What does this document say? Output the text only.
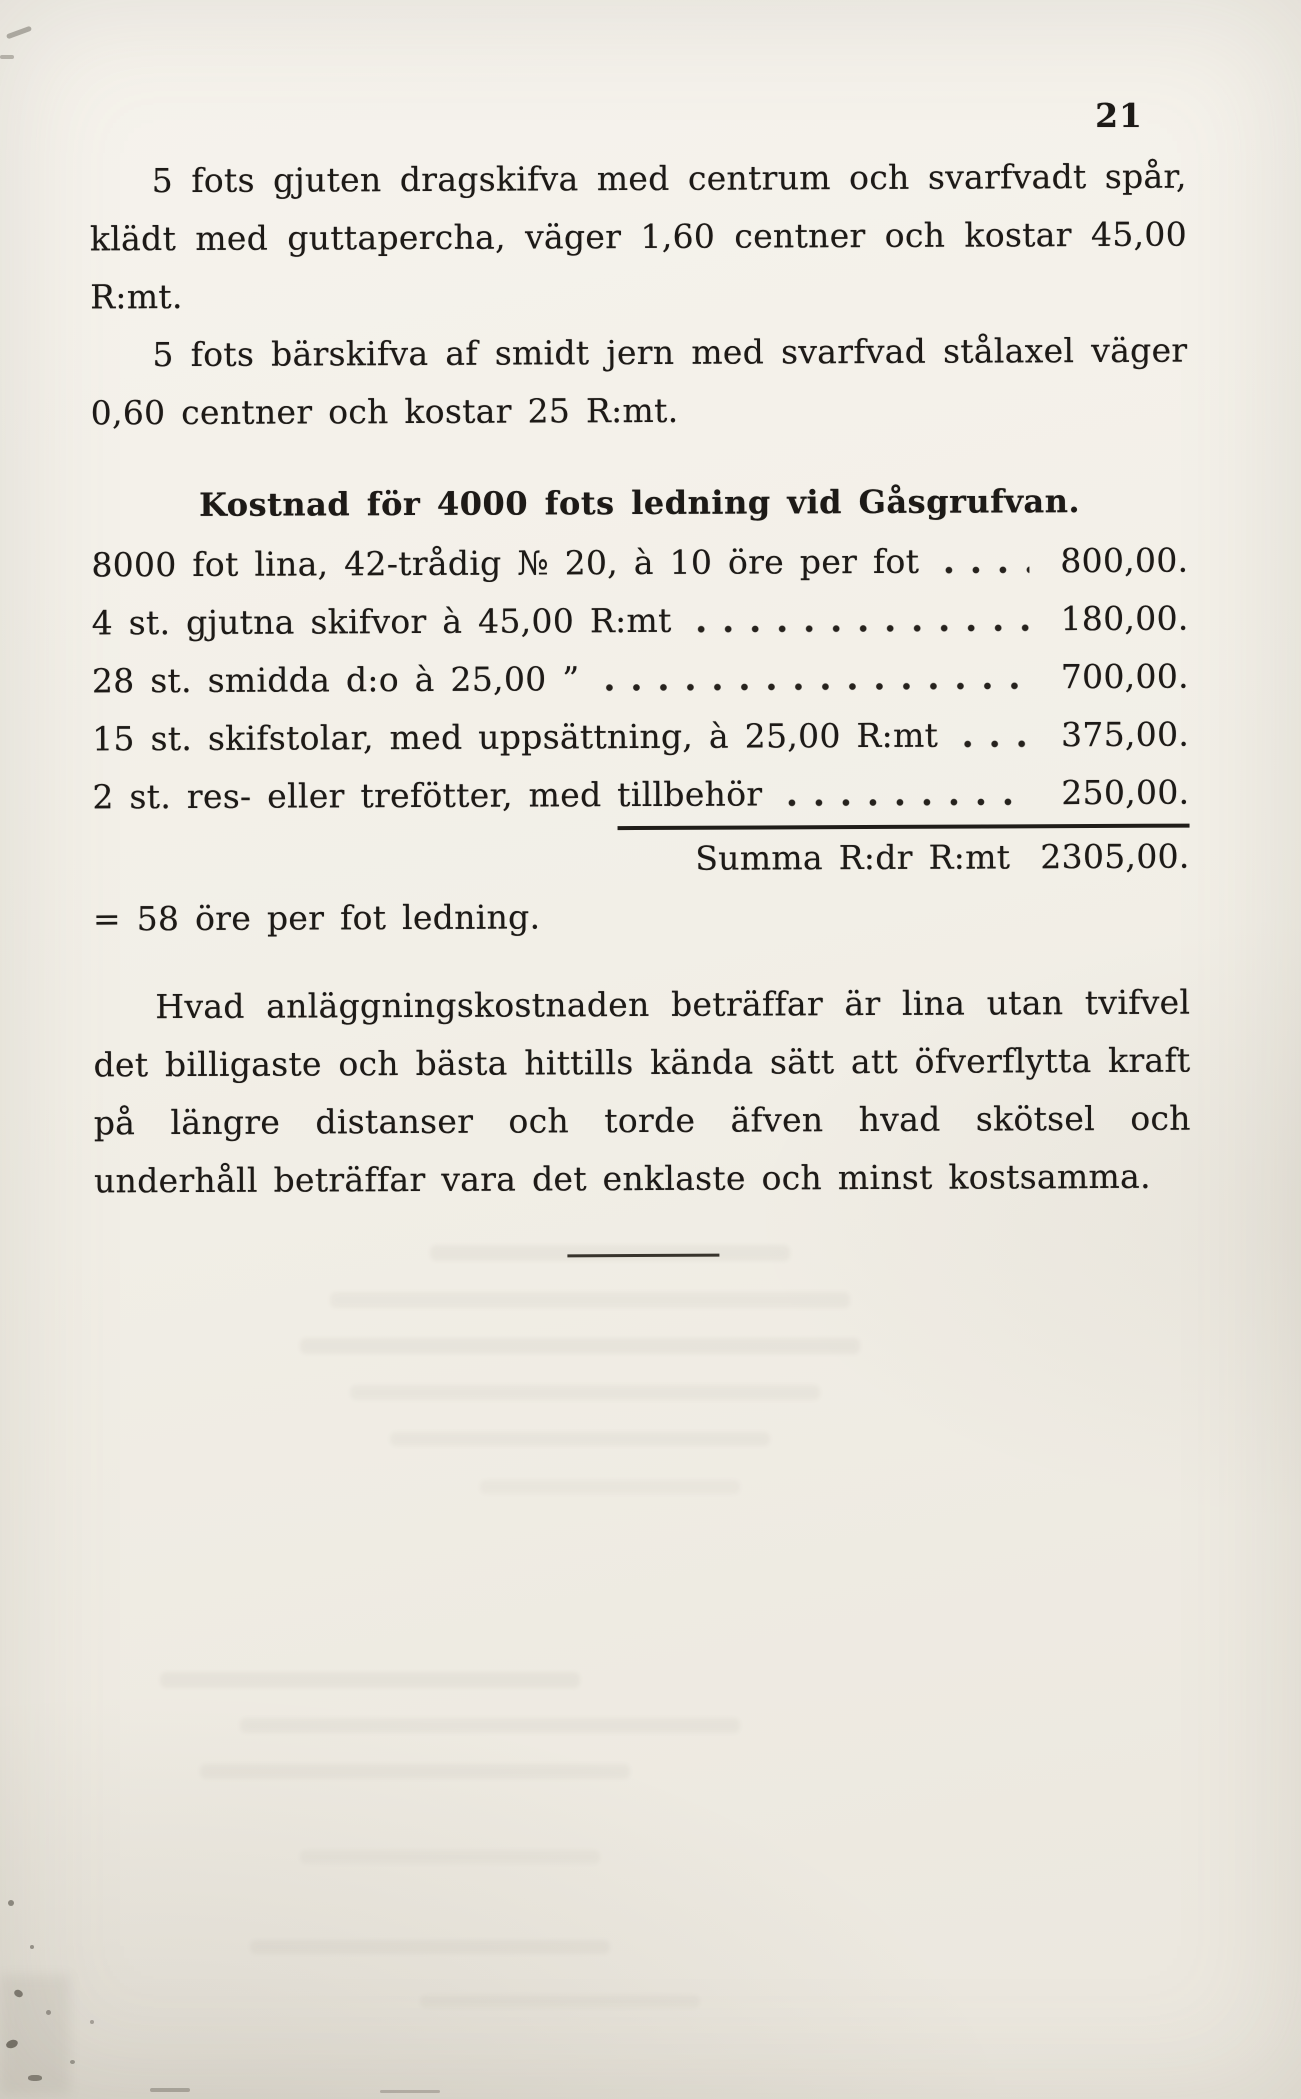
21

5 fots gjuten dragskifva med centrum och svarfvadt spår, klädt med guttapercha, väger 1,60 centner och kostar 45,00 R:mt.

5 fots bärskifva af smidt jern med svarfvad stålaxel väger 0,60 centner och kostar 25 R:mt.

Kostnad för 4000 fots ledning vid Gåsgrufvan.
8000 fot lina, 42-trådig № 20, à 10 öre per fot	800,00.
4 st. gjutna skifvor à 45,00 R:mt	180,00.
28 st. smidda d:o à 25,00 ”	700,00.
15 st. skifstolar, med uppsättning, à 25,00 R:mt	375,00.
2 st. res- eller trefötter, med tillbehör	250,00.
Summa R:dr R:mt 2305,00.

= 58 öre per fot ledning.

Hvad anläggningskostnaden beträffar är lina utan tvifvel det billigaste och bästa hittills kända sätt att öfverflytta kraft på längre distanser och torde äfven hvad skötsel och underhåll beträffar vara det enklaste och minst kostsamma.
